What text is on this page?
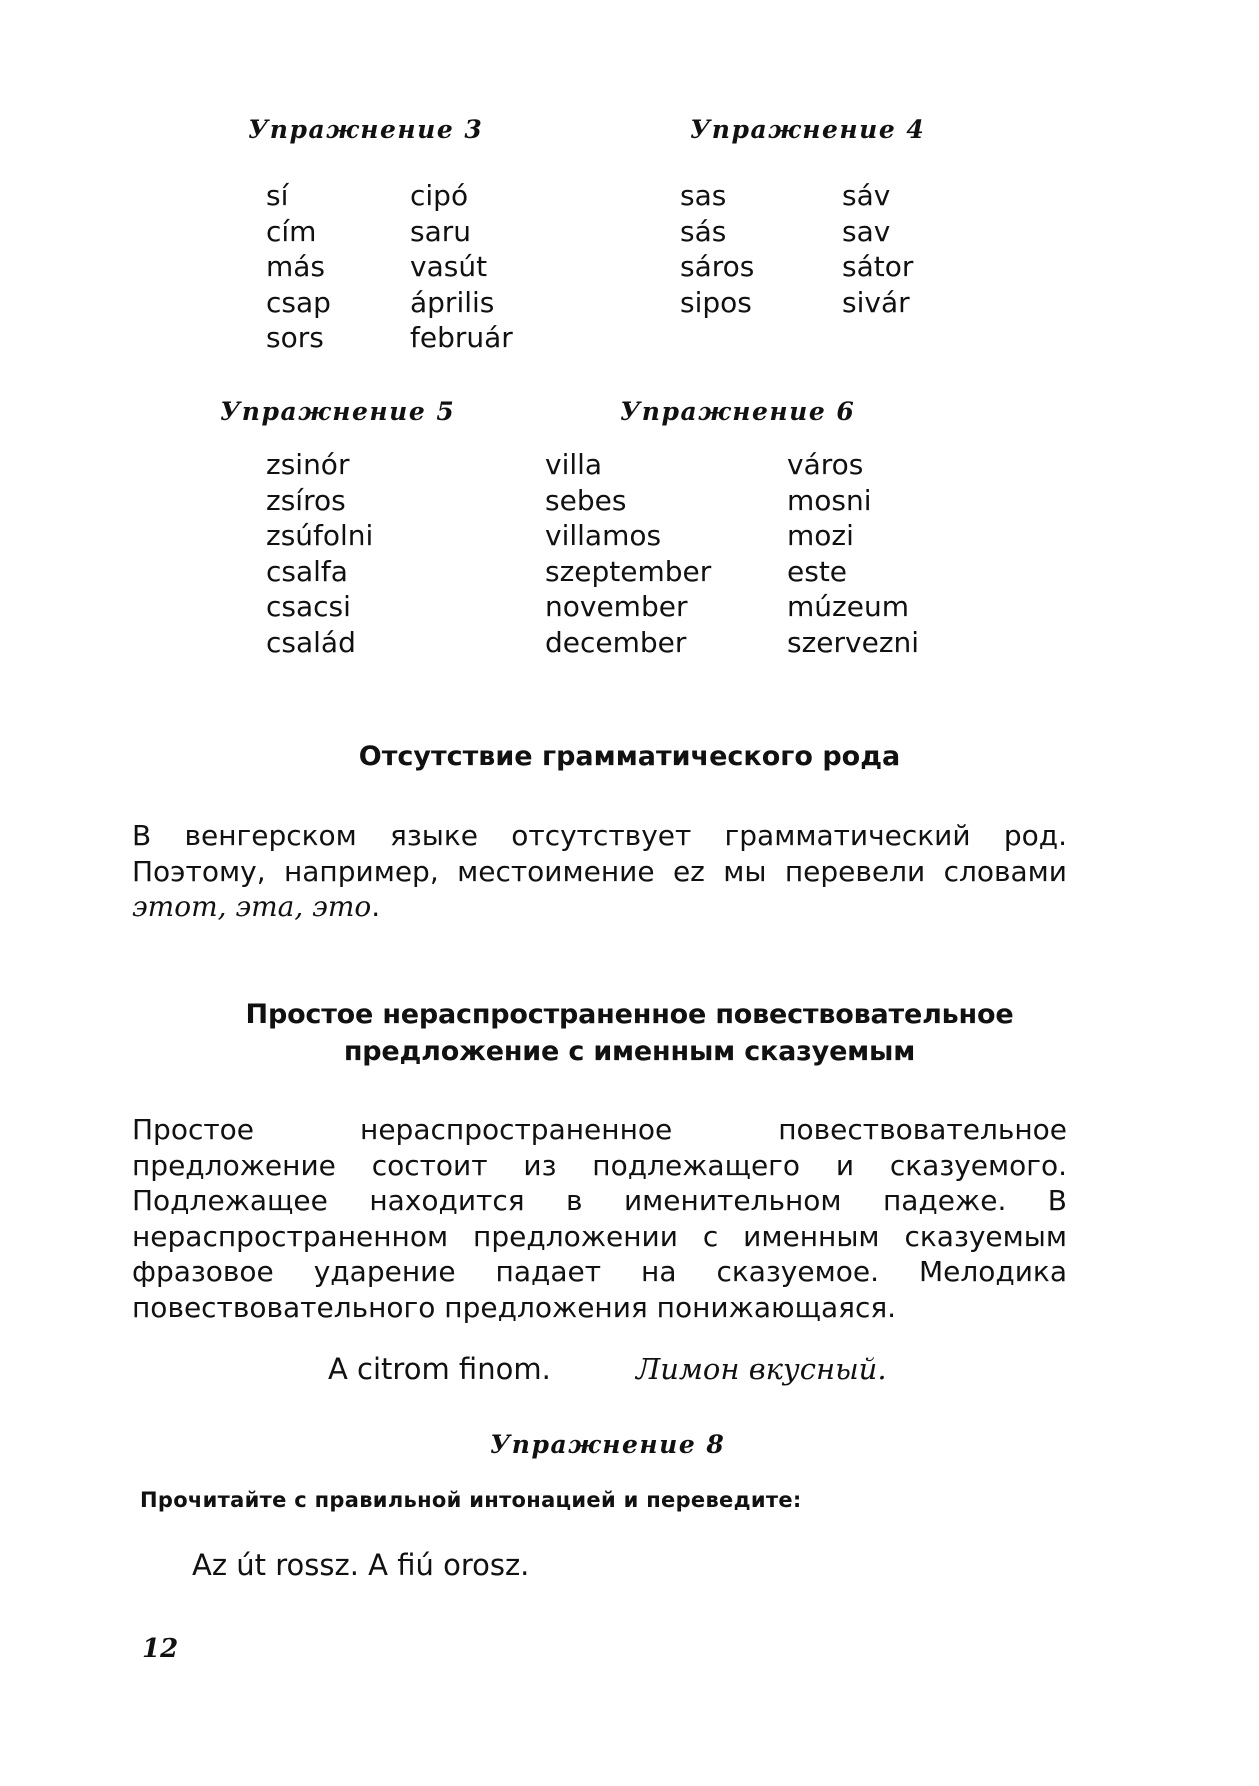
Упражнение 3
sí
cím
más
csap
sors
cipó
saru
vasút
április
február
Упражнение 4
sas
sás
sáros
sipos
sáv
sav
sátor
sivár
Упражнение 5
zsinór
zsíros
zsúfolni
csalfa
csacsi
család
Упражнение 6
villa
sebes
villamos
szeptember
november
december
város
mosni
mozi
este
múzeum
szervezni
Отсутствие грамматического рода
В венгерском языке отсутствует грамматический род. Поэтому, например, местоимение ez мы перевели словами этот, эта, это.
Простое нераспространенное повествовательное
предложение с именным сказуемым
Простое нераспространенное повествовательное предложение состоит из подлежащего и сказуемого. Подлежащее находится в именительном падеже. В нераспространенном предложении с именным сказуемым фразовое ударение падает на сказуемое. Мелодика повествовательного предложения понижающаяся.
A citrom finom.	Лимон вкусный.
Упражнение 8
Прочитайте с правильной интонацией и переведите:
Az út rossz. A fiú orosz.
12
